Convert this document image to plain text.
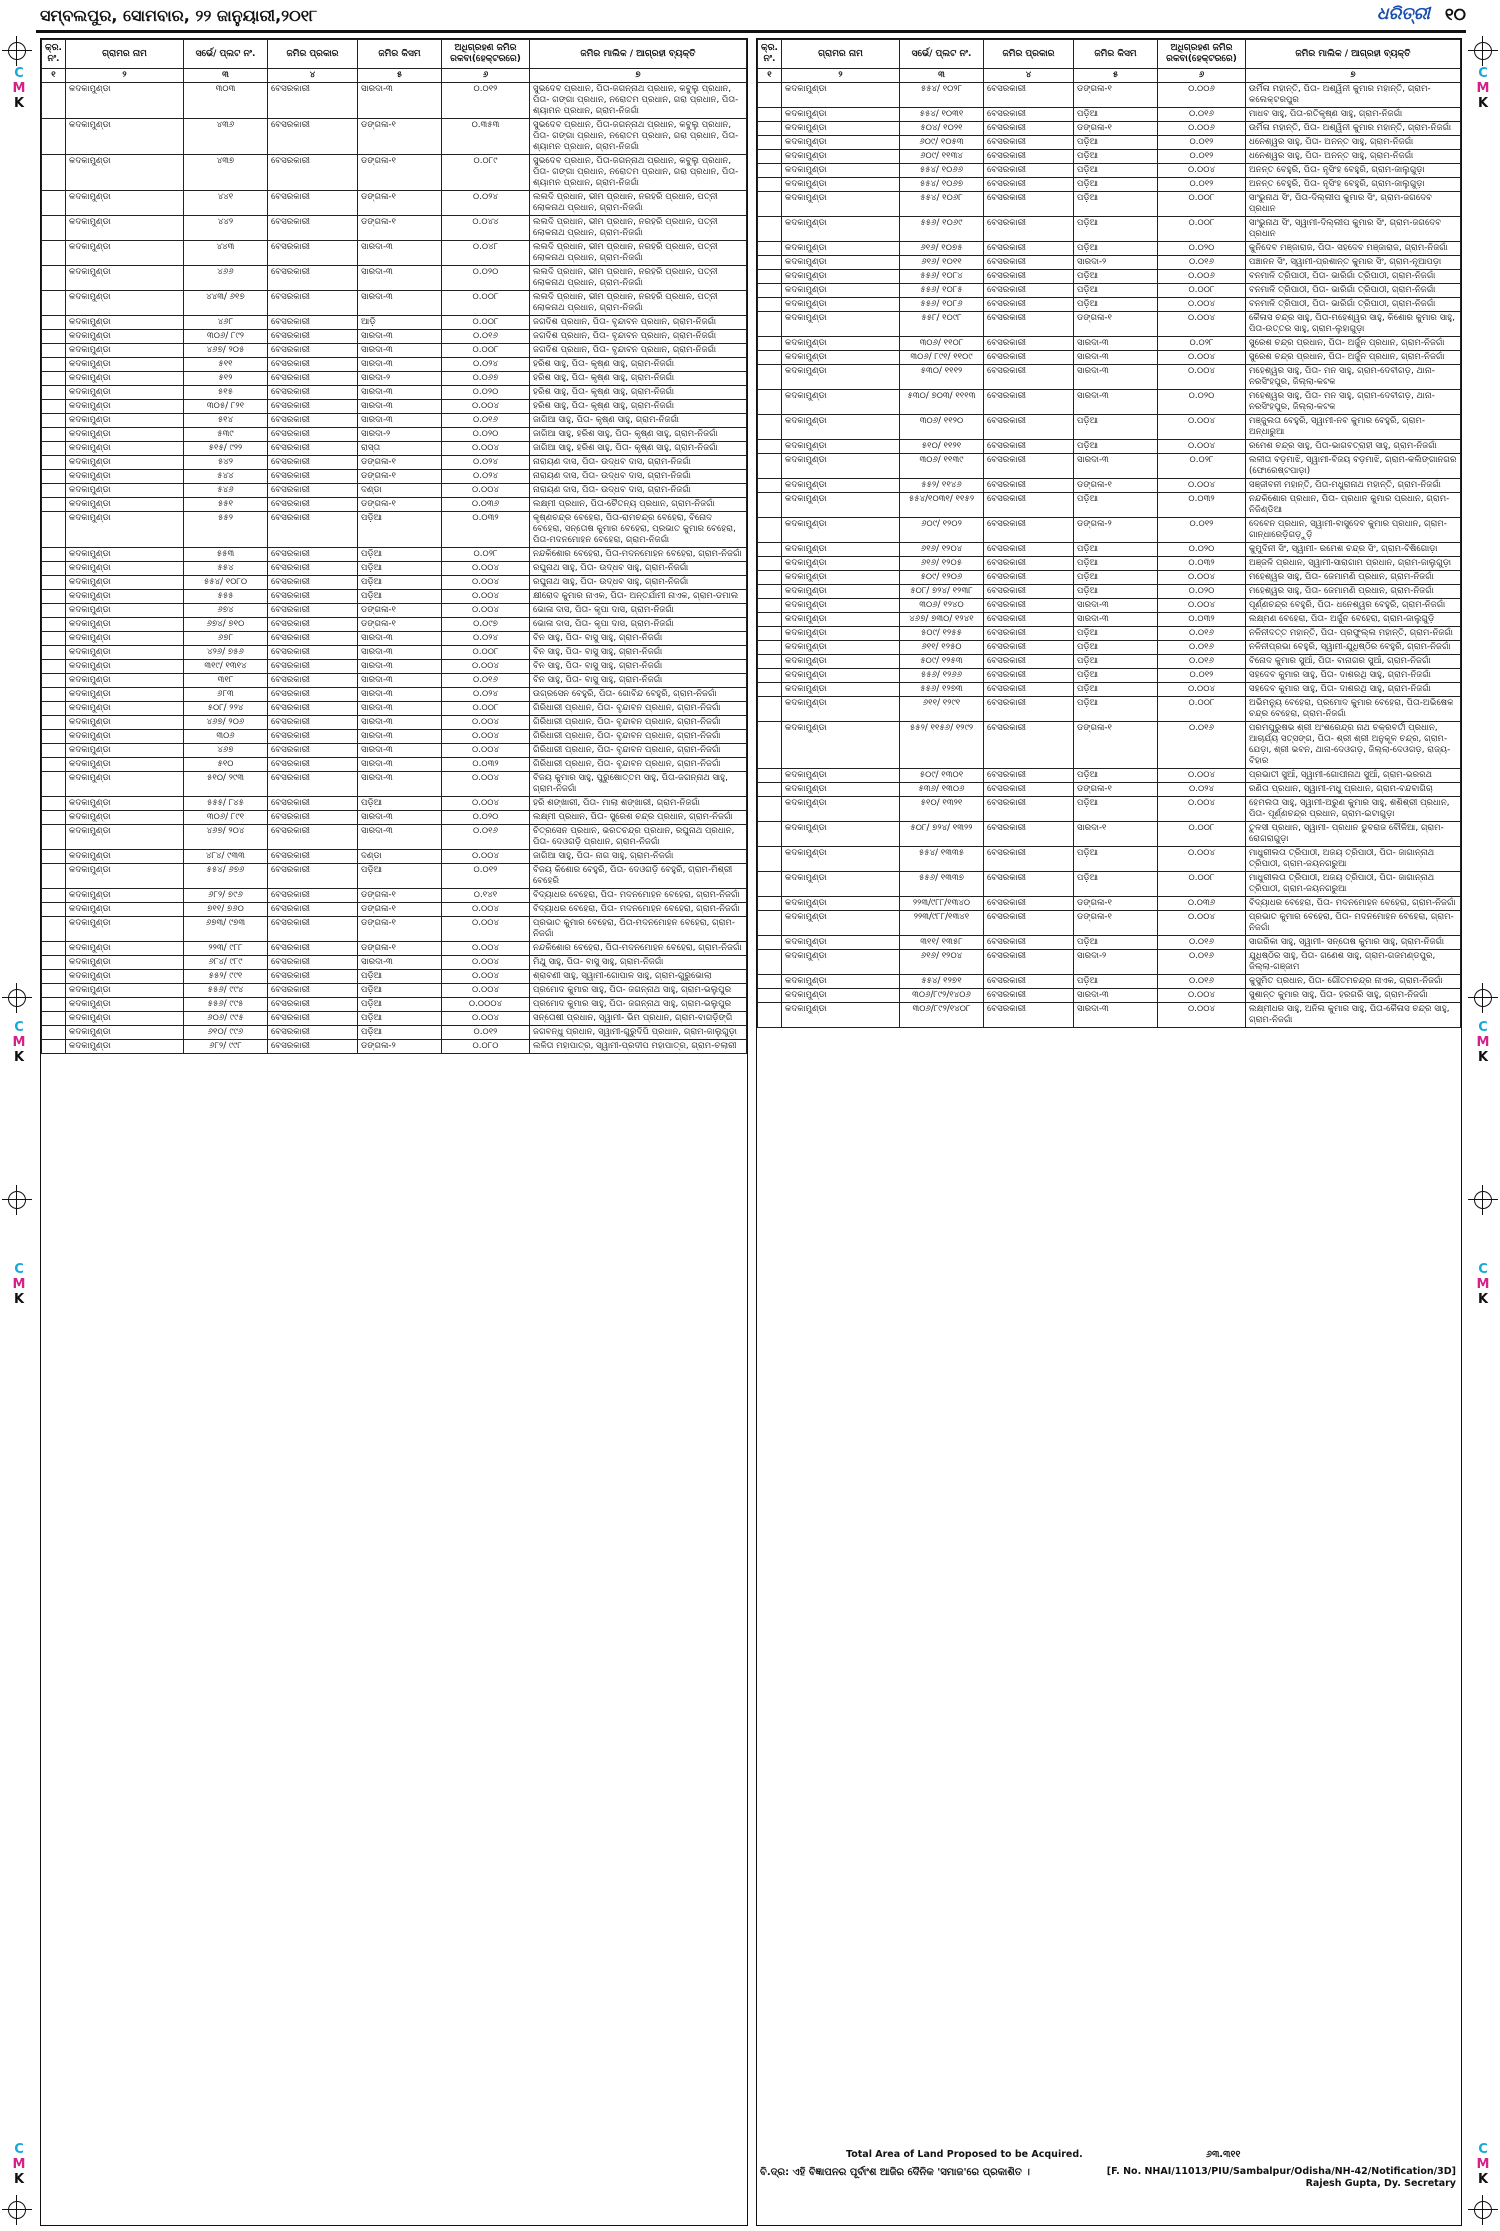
ସମ୍ବଲପୁର, ସୋମବାର, ୨୨ ଜାନୁୟାରୀ,୨୦୧୮	ଧରିତ୍ରୀ ୧୦
କ୍ର. ନଂ.	ଗ୍ରାମର ନାମ	ସର୍ଭେ/ ପ୍ଲଟ ନଂ.	ଜମିର ପ୍ରକାର	ଜମିର କିସମ	ଅଧିଗ୍ରହଣ ଜମିର ରକବା(ହେକ୍ଟରରେ)	ଜମିର ମାଲିକ / ଆଗ୍ରହୀ ବ୍ୟକ୍ତି
୧	୨	୩	୪	୫	୬	୭
	କଦକାମୁଣ୍ଡା	୩୦୩	ବେସରକାରୀ	ସାରଦା-୩	୦.୦୧୨	ସୁଭଦେବ ପ୍ରଧାନ, ପିତା-ଜଗନ୍ନାଥ ପ୍ରଧାନ, କବୁଲୁ ପ୍ରଧାନ, ପିତା- ଗଙ୍ଗା ପ୍ରଧାନ, ନରୋତମ ପ୍ରଧାନ, ଗରା ପ୍ରଧାନ, ପିତା-ଶ୍ୟାମନ ପ୍ରଧାନ, ଗ୍ରାମ-ନିଜଗାଁ
	କଦକାମୁଣ୍ଡା	୪୩୬	ବେସରକାରୀ	ଡଙ୍ଗଳା-୧	୦.୩୫୩	ସୁଭଦେବ ପ୍ରଧାନ, ପିତା-ଜଗନ୍ନାଥ ପ୍ରଧାନ, କବୁଲୁ ପ୍ରଧାନ, ପିତା- ଗଙ୍ଗା ପ୍ରଧାନ, ନରୋତମ ପ୍ରଧାନ, ଗରା ପ୍ରଧାନ, ପିତା-ଶ୍ୟାମନ ପ୍ରଧାନ, ଗ୍ରାମ-ନିଜଗାଁ
	କଦକାମୁଣ୍ଡା	୪୩୭	ବେସରକାରୀ	ଡଙ୍ଗଳା-୧	୦.୦୮୯	ସୁଭଦେବ ପ୍ରଧାନ, ପିତା-ଜଗନ୍ନାଥ ପ୍ରଧାନ, କବୁଲୁ ପ୍ରଧାନ, ପିତା- ଗଙ୍ଗା ପ୍ରଧାନ, ନରୋତମ ପ୍ରଧାନ, ଗରା ପ୍ରଧାନ, ପିତା-ଶ୍ୟାମନ ପ୍ରଧାନ, ଗ୍ରାମ-ନିଜଗାଁ
	କଦକାମୁଣ୍ଡା	୪୪୧	ବେସରକାରୀ	ଡଙ୍ଗଳା-୧	୦.୦୨୪	ଲଲଦି ପ୍ରଧାନ, ଭୀମ ପ୍ରଧାନ, ନରହରି ପ୍ରଧାନ, ପତ୍ନୀ ଲୋକନାଥ ପ୍ରଧାନ, ଗ୍ରାମ-ନିଜଗାଁ
	କଦକାମୁଣ୍ଡା	୪୪୨	ବେସରକାରୀ	ଡଙ୍ଗଳା-୧	୦.୦୪୪	ଲଲଦି ପ୍ରଧାନ, ଭୀମ ପ୍ରଧାନ, ନରହରି ପ୍ରଧାନ, ପତ୍ନୀ ଲୋକନାଥ ପ୍ରଧାନ, ଗ୍ରାମ-ନିଜଗାଁ
	କଦକାମୁଣ୍ଡା	୪୪୩	ବେସରକାରୀ	ସାରଦା-୩	୦.୦୪୮	ଲଲଦି ପ୍ରଧାନ, ଭୀମ ପ୍ରଧାନ, ନରହରି ପ୍ରଧାନ, ପତ୍ନୀ ଲୋକନାଥ ପ୍ରଧାନ, ଗ୍ରାମ-ନିଜଗାଁ
	କଦକାମୁଣ୍ଡା	୪୬୬	ବେସରକାରୀ	ସାରଦା-୩	୦.୦୨୦	ଲଲଦି ପ୍ରଧାନ, ଭୀମ ପ୍ରଧାନ, ନରହରି ପ୍ରଧାନ, ପତ୍ନୀ ଲୋକନାଥ ପ୍ରଧାନ, ଗ୍ରାମ-ନିଜଗାଁ
	କଦକାମୁଣ୍ଡା	୪୪୩/ ୬୧୭	ବେସରକାରୀ	ସାରଦା-୩	୦.୦୦୮	ଲଲଦି ପ୍ରଧାନ, ଭୀମ ପ୍ରଧାନ, ନରହରି ପ୍ରଧାନ, ପତ୍ନୀ ଲୋକନାଥ ପ୍ରଧାନ, ଗ୍ରାମ-ନିଜଗାଁ
	କଦକାମୁଣ୍ଡା	୪୬୮	ବେସରକାରୀ	ଆଡ଼ି	୦.୦୦୮	ଜଗଦିଶ ପ୍ରଧାନ, ପିତା- ବୃନ୍ଦାବନ ପ୍ରଧାନ, ଗ୍ରାମ-ନିଜଗାଁ
	କଦକାମୁଣ୍ଡା	୩୦୬/ ୮୯୨	ବେସରକାରୀ	ସାରଦା-୩	୦.୦୧୬	ଜଗଦିଶ ପ୍ରଧାନ, ପିତା- ବୃନ୍ଦାବନ ପ୍ରଧାନ, ଗ୍ରାମ-ନିଜଗାଁ
	କଦକାମୁଣ୍ଡା	୪୬୭/ ୨୦୫	ବେସରକାରୀ	ସାରଦା-୩	୦.୦୦୮	ଜଗଦିଶ ପ୍ରଧାନ, ପିତା- ବୃନ୍ଦାବନ ପ୍ରଧାନ, ଗ୍ରାମ-ନିଜଗାଁ
	କଦକାମୁଣ୍ଡା	୫୧୧	ବେସରକାରୀ	ସାରଦା-୩	୦.୦୨୪	ହରିଶ ସାହୁ, ପିତା- କୃଷ୍ଣ ସାହୁ, ଗ୍ରାମ-ନିଜଗାଁ
	କଦକାମୁଣ୍ଡା	୫୧୨	ବେସରକାରୀ	ସାରଦା-୨	୦.୦୬୭	ହରିଶ ସାହୁ, ପିତା- କୃଷ୍ଣ ସାହୁ, ଗ୍ରାମ-ନିଜଗାଁ
	କଦକାମୁଣ୍ଡା	୫୧୫	ବେସରକାରୀ	ସାରଦା-୩	୦.୦୨୦	ହରିଶ ସାହୁ, ପିତା- କୃଷ୍ଣ ସାହୁ, ଗ୍ରାମ-ନିଜଗାଁ
	କଦକାମୁଣ୍ଡା	୩୦୫/ ୮୨୧	ବେସରକାରୀ	ସାରଦା-୩	୦.୦୦୪	ହରିଶ ସାହୁ, ପିତା- କୃଷ୍ଣ ସାହୁ, ଗ୍ରାମ-ନିଜଗାଁ
	କଦକାମୁଣ୍ଡା	୫୧୪	ବେସରକାରୀ	ସାରଦା-୩	୦.୦୧୬	ଜାଗିଆ ସାହୁ, ପିତା- କୃଷ୍ଣ ସାହୁ, ଗ୍ରାମ-ନିଜଗାଁ
	କଦକାମୁଣ୍ଡା	୫୩୯	ବେସରକାରୀ	ସାରଦା-୨	୦.୦୨୦	ଜାଗିଆ ସାହୁ, ହରିଶ ସାହୁ, ପିତା- କୃଷ୍ଣ ସାହୁ, ଗ୍ରାମ-ନିଜଗାଁ
	କଦକାମୁଣ୍ଡା	୫୧୫/ ୯୨୨	ବେସରକାରୀ	ରାସ୍ତା	୦.୦୦୪	ଜାଗିଆ ସାହୁ, ହରିଶ ସାହୁ, ପିତା- କୃଷ୍ଣ ସାହୁ, ଗ୍ରାମ-ନିଜଗାଁ
	କଦକାମୁଣ୍ଡା	୫୪୨	ବେସରକାରୀ	ଡଙ୍ଗଳା-୧	୦.୦୨୪	ନାରାୟଣ ଦାସ, ପିତା- ଉଦ୍ଧବ ଦାସ, ଗ୍ରାମ-ନିଜଗାଁ
	କଦକାମୁଣ୍ଡା	୫୪୪	ବେସରକାରୀ	ଡଙ୍ଗଳା-୧	୦.୦୨୪	ନାରାୟଣ ଦାସ, ପିତା- ଉଦ୍ଧବ ଦାସ, ଗ୍ରାମ-ନିଜଗାଁ
	କଦକାମୁଣ୍ଡା	୫୪୬	ବେସରକାରୀ	ଦଣ୍ଡା	୦.୦୦୪	ନାରାୟଣ ଦାସ, ପିତା- ଉଦ୍ଧବ ଦାସ, ଗ୍ରାମ-ନିଜଗାଁ
	କଦକାମୁଣ୍ଡା	୫୫୧	ବେସରକାରୀ	ଡଙ୍ଗଳା-୧	୦.୦୩୬	ଲକ୍ଷ୍ମୀ ପ୍ରଧାନ, ପିତା-ଚୈତନ୍ୟ ପ୍ରଧାନ, ଗ୍ରାମ-ନିଜଗାଁ
	କଦକାମୁଣ୍ଡା	୫୫୨	ବେସରକାରୀ	ପଡ଼ିଆ	୦.୦୩୨	କୃଷ୍ଣଚନ୍ଦ୍ର ବେହେରା, ପିତା-ରାମଚନ୍ଦ୍ର ବେହେରା, ବିନୋଦ ବେହେରା, ସନ୍ତୋଷ କୁମାର ବେହେରା, ପ୍ରଭାତ କୁମାର ବେହେରା, ପିତା-ମଦନମୋହନ ବେହେରା, ଗ୍ରାମ-ନିଜଗାଁ
	କଦକାମୁଣ୍ଡା	୫୫୩	ବେସରକାରୀ	ପଡ଼ିଆ	୦.୦୨୮	ନନ୍ଦକିଶୋର ବେହେରା, ପିତା-ମଦନମୋହନ ବେହେରା, ଗ୍ରାମ-ନିଜଗାଁ
	କଦକାମୁଣ୍ଡା	୫୫୪	ବେସରକାରୀ	ପଡ଼ିଆ	୦.୦୦୪	ରଘୁନାଥ ସାହୁ, ପିତା- ଉଦ୍ଧବ ସାହୁ, ଗ୍ରାମ-ନିଜଗାଁ
	କଦକାମୁଣ୍ଡା	୫୫୪/ ୧୦୮୦	ବେସରକାରୀ	ପଡ଼ିଆ	୦.୦୦୪	ରଘୁନାଥ ସାହୁ, ପିତା- ଉଦ୍ଧବ ସାହୁ, ଗ୍ରାମ-ନିଜଗାଁ
	କଦକାମୁଣ୍ଡା	୫୫୫	ବେସରକାରୀ	ପଡ଼ିଆ	୦.୦୦୪	କ୍ଷୀରୋଦ କୁମାର ନାଏକ, ପିତା- ଅନ୍ତର୍ଯାମୀ ନାଏକ, ଗ୍ରାମ-ଡମାଲ
	କଦକାମୁଣ୍ଡା	୬୭୪	ବେସରକାରୀ	ଡଙ୍ଗଳା-୧	୦.୦୦୪	ଭୋଳା ଦାସ, ପିତା- କୃପା ଦାସ, ଗ୍ରାମ-ନିଜଗାଁ
	କଦକାମୁଣ୍ଡା	୬୭୪/ ୭୧୦	ବେସରକାରୀ	ଡଙ୍ଗଳା-୧	୦.୦୯୭	ଭୋଳା ଦାସ, ପିତା- କୃପା ଦାସ, ଗ୍ରାମ-ନିଜଗାଁ
	କଦକାମୁଣ୍ଡା	୬୭୮	ବେସରକାରୀ	ସାରଦା-୩	୦.୦୨୪	ବିନ ସାହୁ, ପିତା- ବାସୁ ସାହୁ, ଗ୍ରାମ-ନିଜଗାଁ
	କଦକାମୁଣ୍ଡା	୪୨୬/ ୭୫୬	ବେସରକାରୀ	ସାରଦା-୩	୦.୦୦୮	ବିନ ସାହୁ, ପିତା- ବାସୁ ସାହୁ, ଗ୍ରାମ-ନିଜଗାଁ
	କଦକାମୁଣ୍ଡା	୩୧୯/ ୧୩୧୪	ବେସରକାରୀ	ସାରଦା-୩	୦.୦୦୪	ବିନ ସାହୁ, ପିତା- ବାସୁ ସାହୁ, ଗ୍ରାମ-ନିଜଗାଁ
	କଦକାମୁଣ୍ଡା	୩୧୮	ବେସରକାରୀ	ସାରଦା-୩	୦.୦୧୬	ବିନ ସାହୁ, ପିତା- ବାସୁ ସାହୁ, ଗ୍ରାମ-ନିଜଗାଁ
	କଦକାମୁଣ୍ଡା	୬୮୩	ବେସରକାରୀ	ସାରଦା-୩	୦.୦୨୪	ଉଗ୍ରସେନ ବେହୁରି, ପିତା- ଗୋବିନ୍ଦ ବେହୁରି, ଗ୍ରାମ-ନିଜଗାଁ
	କଦକାମୁଣ୍ଡା	୫୦୮/ ୨୨୪	ବେସରକାରୀ	ସାରଦା-୩	୦.୦୦୮	ଗିରିଧାରୀ ପ୍ରଧାନ, ପିତା- ବୃନ୍ଦାବନ ପ୍ରଧାନ, ଗ୍ରାମ-ନିଜଗାଁ
	କଦକାମୁଣ୍ଡା	୪୬୭/ ୨୦୬	ବେସରକାରୀ	ସାରଦା-୩	୦.୦୦୪	ଗିରିଧାରୀ ପ୍ରଧାନ, ପିତା- ବୃନ୍ଦାବନ ପ୍ରଧାନ, ଗ୍ରାମ-ନିଜଗାଁ
	କଦକାମୁଣ୍ଡା	୩୦୬	ବେସରକାରୀ	ସାରଦା-୩	୦.୦୦୪	ଗିରିଧାରୀ ପ୍ରଧାନ, ପିତା- ବୃନ୍ଦାବନ ପ୍ରଧାନ, ଗ୍ରାମ-ନିଜଗାଁ
	କଦକାମୁଣ୍ଡା	୪୬୭	ବେସରକାରୀ	ସାରଦା-୩	୦.୦୦୪	ଗିରିଧାରୀ ପ୍ରଧାନ, ପିତା- ବୃନ୍ଦାବନ ପ୍ରଧାନ, ଗ୍ରାମ-ନିଜଗାଁ
	କଦକାମୁଣ୍ଡା	୫୧୦	ବେସରକାରୀ	ସାରଦା-୩	୦.୦୩୨	ଗିରିଧାରୀ ପ୍ରଧାନ, ପିତା- ବୃନ୍ଦାବନ ପ୍ରଧାନ, ଗ୍ରାମ-ନିଜଗାଁ
	କଦକାମୁଣ୍ଡା	୫୧୦/ ୨୯୩	ବେସରକାରୀ	ସାରଦା-୩	୦.୦୦୪	ବିଜୟ କୁମାର ସାହୁ, ପୁରୁଷୋତ୍ତମ ସାହୁ, ପିତା-ଜଗନ୍ନାଥ ସାହୁ, ଗ୍ରାମ-ନିଜଗାଁ
	କଦକାମୁଣ୍ଡା	୫୫୫/ ୮୪୫	ବେସରକାରୀ	ପଡ଼ିଆ	୦.୦୦୪	ହରି ଶଙ୍ଖାରୀ, ପିତା- ମାଲା ଶଙ୍ଖାରୀ, ଗ୍ରାମ-ନିଜଗାଁ
	କଦକାମୁଣ୍ଡା	୩୦୬/ ୮୯୧	ବେସରକାରୀ	ସାରଦା-୩	୦.୦୨୦	ଲକ୍ଷ୍ମୀ ପ୍ରଧାନ, ପିତା- ସୁରେଶ ଚନ୍ଦ୍ର ପ୍ରଧାନ, ଗ୍ରାମ-ନିଜଗାଁ
	କଦକାମୁଣ୍ଡା	୪୬୭/ ୨୦୪	ବେସରକାରୀ	ସାରଦା-୩	୦.୦୧୬	ଚିତ୍ରସେନ ପ୍ରଧାନ, ଭରତଚନ୍ଦ୍ର ପ୍ରଧାନ, ରଘୁନାଥ ପ୍ରଧାନ, ପିତା- ଦେଓଗଡ଼ି ପ୍ରଧାନ, ଗ୍ରାମ-ନିଜଗାଁ
	କଦକାମୁଣ୍ଡା	୪୮୪/ ୯୩୩	ବେସରକାରୀ	ଦଣ୍ଡା	୦.୦୦୪	ଜାଗିଆ ସାହୁ, ପିତା- ନାଗ ସାହୁ, ଗ୍ରାମ-ନିଜଗାଁ
	କଦକାମୁଣ୍ଡା	୫୫୪/ ୬୭୬	ବେସରକାରୀ	ପଡ଼ିଆ	୦.୦୧୨	ବିଜୟ କିଶୋର ବେହୁରି, ପିତା- ଦେଓଗଡ଼ି ବେହୁରି, ଗ୍ରାମ-ମିଶ୍ରୀ ବେହେରି
	କଦକାମୁଣ୍ଡା	୬୮୨/ ୭୯୬	ବେସରକାରୀ	ଡଙ୍ଗଳା-୧	୦.୧୪୧	ବିଦ୍ୟାଧର ବେହେରା, ପିତା- ମଦନମୋହନ ବେହେରା, ଗ୍ରାମ-ନିଜଗାଁ
	କଦକାମୁଣ୍ଡା	୭୧୧/ ୭୬୦	ବେସରକାରୀ	ଡଙ୍ଗଳା-୧	୦.୦୦୪	ବିଦ୍ୟାଧର ବେହେରା, ପିତା- ମଦନମୋହନ ବେହେରା, ଗ୍ରାମ-ନିଜଗାଁ
	କଦକାମୁଣ୍ଡା	୬୭୩/ ୯୭୩	ବେସରକାରୀ	ଡଙ୍ଗଳା-୧	୦.୦୦୪	ପ୍ରଭାତ କୁମାର ବେହେରା, ପିତା-ମଦନମୋହନ ବେହେରା, ଗ୍ରାମ-ନିଜଗାଁ
	କଦକାମୁଣ୍ଡା	୨୨୩/ ୯୮୮	ବେସରକାରୀ	ଡଙ୍ଗଳା-୧	୦.୦୦୪	ନନ୍ଦକିଶୋର ବେହେରା, ପିତା-ମଦନମୋହନ ବେହେରା, ଗ୍ରାମ-ନିଜଗାଁ
	କଦକାମୁଣ୍ଡା	୬୮୪/ ୯୮୯	ବେସରକାରୀ	ସାରଦା-୩	୦.୦୦୪	ମିଥୁ ସାହୁ, ପିତା- ବାସୁ ସାହୁ, ଗ୍ରାମ-ନିଜଗାଁ
	କଦକାମୁଣ୍ଡା	୫୫୨/ ୯୯୧	ବେସରକାରୀ	ପଡ଼ିଆ	୦.୦୦୪	ଶ୍ରାବଣୀ ସାହୁ, ସ୍ୱାମୀ-ଗୋପାଳ ସାହୁ, ଗ୍ରାମ-ଗୁରୁଭୋଲା
	କଦକାମୁଣ୍ଡା	୫୫୬/ ୯୯୪	ବେସରକାରୀ	ପଡ଼ିଆ	୦.୦୦୪	ପ୍ରମୋଦ କୁମାର ସାହୁ, ପିତା- ଜଗନ୍ନାଥ ସାହୁ, ଗ୍ରାମ-ଭଲୁପୁର
	କଦକାମୁଣ୍ଡା	୫୫୬/ ୯୯୫	ବେସରକାରୀ	ପଡ଼ିଆ	୦.୦୦୦୪	ପ୍ରମୋଦ କୁମାର ସାହୁ, ପିତା- ଜଗନ୍ନାଥ ସାହୁ, ଗ୍ରାମ-ଭଲୁପୁର
	କଦକାମୁଣ୍ଡା	୬୦୬/ ୯୯୫	ବେସରକାରୀ	ପଡ଼ିଆ	୦.୦୦୪	ସନ୍ତୋଷୀ ପ୍ରଧାନ, ସ୍ୱାମୀ- ଭିମ ପ୍ରଧାନ, ଗ୍ରାମ-ବାଗଡ଼ିଙ୍ଗି
	କଦକାମୁଣ୍ଡା	୬୧୦/ ୯୯୬	ବେସରକାରୀ	ପଡ଼ିଆ	୦.୦୧୨	ଜଗବନ୍ଧୁ ପ୍ରଧାନ, ସ୍ୱାମୀ-ଗୁରୁଦିପି ପ୍ରଧାନ, ଗ୍ରାମ-ଜାଲୁଗୁଡ଼ା
	କଦକାମୁଣ୍ଡା	୬୮୨/ ୯୯୮	ବେସରକାରୀ	ଡଙ୍ଗଳା-୨	୦.୦୮୦	ଲଳିତା ମହାପାତ୍ର, ସ୍ୱାମୀ-ପ୍ରଦୀପ ମହାପାତ୍ର, ଗ୍ରାମ-ଚଲାରୀ
କ୍ର. ନଂ.	ଗ୍ରାମର ନାମ	ସର୍ଭେ/ ପ୍ଲଟ ନଂ.	ଜମିର ପ୍ରକାର	ଜମିର କିସମ	ଅଧିଗ୍ରହଣ ଜମିର ରକବା(ହେକ୍ଟରରେ)	ଜମିର ମାଲିକ / ଆଗ୍ରହୀ ବ୍ୟକ୍ତି
୧	୨	୩	୪	୫	୬	୭
	କଦକାମୁଣ୍ଡା	୫୫୪/ ୧୦୨୮	ବେସରକାରୀ	ଡଙ୍ଗଳା-୧	୦.୦୦୬	ଉର୍ମିଳା ମହାନ୍ତି, ପିତା- ଅଶ୍ୱିନୀ କୁମାର ମହାନ୍ତି, ଗ୍ରାମ-କଲେକ୍ଟରପୁର
	କଦକାମୁଣ୍ଡା	୫୫୪/ ୧୦୩୧	ବେସରକାରୀ	ପଡ଼ିଆ	୦.୦୧୬	ମାଧବ ସାହୁ, ପିତା-ରତିକୃଷ୍ଣ ସାହୁ, ଗ୍ରାମ-ନିଜଗାଁ
	କଦକାମୁଣ୍ଡା	୫୦୪/ ୧୦୨୧	ବେସରକାରୀ	ଡଙ୍ଗଳା-୧	୦.୦୦୬	ଉର୍ମିଳା ମହାନ୍ତି, ପିତା- ଅଶ୍ୱିନୀ କୁମାର ମହାନ୍ତି, ଗ୍ରାମ-ନିଜଗାଁ
	କଦକାମୁଣ୍ଡା	୬୦୯/ ୧୦୫୩	ବେସରକାରୀ	ପଡ଼ିଆ	୦.୦୧୨	ଧନେଶ୍ୱର ସାହୁ, ପିତା- ଅନନ୍ତ ସାହୁ, ଗ୍ରାମ-ନିଜଗାଁ
	କଦକାମୁଣ୍ଡା	୬୦୯/ ୧୧୩୪	ବେସରକାରୀ	ପଡ଼ିଆ	୦.୦୧୨	ଧନେଶ୍ୱର ସାହୁ, ପିତା- ଅନନ୍ତ ସାହୁ, ଗ୍ରାମ-ନିଜଗାଁ
	କଦକାମୁଣ୍ଡା	୫୫୪/ ୧୦୬୬	ବେସରକାରୀ	ପଡ଼ିଆ	୦.୦୦୪	ଅନନ୍ତ ବେହୁରି, ପିତା- ନୃସିଂହ ବେହୁରି, ଗ୍ରାମ-ଜାଲୁଗୁଡ଼ା
	କଦକାମୁଣ୍ଡା	୫୫୪/ ୧୦୬୭	ବେସରକାରୀ	ପଡ଼ିଆ	୦.୦୧୨	ଅନନ୍ତ ବେହୁରି, ପିତା- ନୃସିଂହ ବେହୁରି, ଗ୍ରାମ-ଜାଲୁଗୁଡ଼ା
	କଦକାମୁଣ୍ଡା	୫୫୪/ ୧୦୬୮	ବେସରକାରୀ	ପଡ଼ିଆ	୦.୦୦୮	ସାଂଭୁନାଥ ସିଂ, ପିତା-ଦିଲ୍ଲୀପ କୁମାର ସିଂ, ଗ୍ରାମ-ଜଗଦେବ ପ୍ରଧାନ
	କଦକାମୁଣ୍ଡା	୫୫୬/ ୧୦୬୯	ବେସରକାରୀ	ପଡ଼ିଆ	୦.୦୦୮	ସାଂଭୁନାଥ ସିଂ, ସ୍ୱାମୀ-ଦିଲ୍ଲୀପ କୁମାର ସିଂ, ଗ୍ରାମ-ଜଗଦେବ ପ୍ରଧାନ
	କଦକାମୁଣ୍ଡା	୬୧୬/ ୧୦୭୫	ବେସରକାରୀ	ପଡ଼ିଆ	୦.୦୨୦	କୁନିଦେବ ମଞ୍ଜାରାଜ, ପିତା- ସହଦେବ ମଞ୍ଜାରାଜ, ଗ୍ରାମ-ନିଜଗାଁ
	କଦକାମୁଣ୍ଡା	୬୧୬/ ୧୦୧୧	ବେସରକାରୀ	ସାରଦା-୨	୦.୦୧୬	ପଞ୍ଚାନନ ସିଂ, ସ୍ୱାମୀ-ପ୍ରଶାନ୍ତ କୁମାର ସିଂ, ଗ୍ରାମ-ନୂଆପଡ଼ା
	କଦକାମୁଣ୍ଡା	୫୫୬/ ୧୦୮୪	ବେସରକାରୀ	ପଡ଼ିଆ	୦.୦୦୬	ବନମାଳି ତ୍ରିପାଠୀ, ପିତା- ଭାରିଗାଁ ତ୍ରିପାଠୀ, ଗ୍ରାମ-ନିଜଗାଁ
	କଦକାମୁଣ୍ଡା	୫୫୬/ ୧୦୮୫	ବେସରକାରୀ	ପଡ଼ିଆ	୦.୦୦୮	ବନମାଳି ତ୍ରିପାଠୀ, ପିତା- ଭାରିଗାଁ ତ୍ରିପାଠୀ, ଗ୍ରାମ-ନିଜଗାଁ
	କଦକାମୁଣ୍ଡା	୫୫୬/ ୧୦୮୬	ବେସରକାରୀ	ପଡ଼ିଆ	୦.୦୦୪	ବନମାଳି ତ୍ରିପାଠୀ, ପିତା- ଭାରିଗାଁ ତ୍ରିପାଠୀ, ଗ୍ରାମ-ନିଜଗାଁ
	କଦକାମୁଣ୍ଡା	୫୫୮/ ୧୦୯୮	ବେସରକାରୀ	ଡଙ୍ଗଳା-୧	୦.୦୦୪	କୈଳାସ ଚନ୍ଦ୍ର ସାହୁ, ପିତା-ମହେଶ୍ୱର ସାହୁ, କିଶୋର କୁମାର ସାହୁ, ପିତା-ଉତ୍ତର ସାହୁ, ଗ୍ରାମ-ଲୁହାଗୁଡ଼ା
	କଦକାମୁଣ୍ଡା	୩୦୬/ ୧୧୦୮	ବେସରକାରୀ	ସାରଦା-୩	୦.୦୨୮	ସୁରେଶ ଚନ୍ଦ୍ର ପ୍ରଧାନ, ପିତା- ଅର୍ଜୁନ ପ୍ରଧାନ, ଗ୍ରାମ-ନିଜଗାଁ
	କଦକାମୁଣ୍ଡା	୩୦୬/ ୮୯୧/ ୧୧୦୯	ବେସରକାରୀ	ସାରଦା-୩	୦.୦୦୪	ସୁରେଶ ଚନ୍ଦ୍ର ପ୍ରଧାନ, ପିତା- ଅର୍ଜୁନ ପ୍ରଧାନ, ଗ୍ରାମ-ନିଜଗାଁ
	କଦକାମୁଣ୍ଡା	୫୩୦/ ୧୧୧୨	ବେସରକାରୀ	ସାରଦା-୩	୦.୦୦୪	ମହେଶ୍ୱର ସାହୁ, ପିତା- ମନ ସାହୁ, ଗ୍ରାମ-ଦେବୀଗଡ଼, ଥାନା- ନରସିଂହପୁର, ଜିଲ୍ଲା-କଟକ
	କଦକାମୁଣ୍ଡା	୫୩୦/ ୭୦୩/ ୧୧୧୩	ବେସରକାରୀ	ସାରଦା-୩	୦.୦୨୦	ମହେଶ୍ୱର ସାହୁ, ପିତା- ମନ ସାହୁ, ଗ୍ରାମ-ଦେବୀଗଡ଼, ଥାନା- ନରସିଂହପୁର, ଜିଲ୍ଲା-କଟକ
	କଦକାମୁଣ୍ଡା	୩୦୬/ ୧୧୨୦	ବେସରକାରୀ	ପଡ଼ିଆ	୦.୦୦୪	ମଞ୍ଜୁଲତା ବେହୁରି, ସ୍ୱାମୀ-ନବ କୁମାର ବେହୁରି, ଗ୍ରାମ-ଅନ୍ଧାରୁଆ
	କଦକାମୁଣ୍ଡା	୫୧୦/ ୧୧୨୧	ବେସରକାରୀ	ପଡ଼ିଆ	୦.୦୦୪	ରମେଶ ଚନ୍ଦ୍ର ସାହୁ, ପିତା-ଭାଗବତ୍ରାହୀ ସାହୁ, ଗ୍ରାମ-ନିଜଗାଁ
	କଦକାମୁଣ୍ଡା	୩୦୬/ ୧୧୩୯	ବେସରକାରୀ	ସାରଦା-୩	୦.୦୨୮	ଲଳୀତା ବଡ଼ମାଝି, ସ୍ୱାମୀ-ବିଜୟ ବଡ଼ମାଝି, ଗ୍ରାମ-କଲିଙ୍ଗାନଗର (ଫୋରେଷ୍ଟପାଡ଼ା)
	କଦକାମୁଣ୍ଡା	୫୫୨/ ୧୧୪୬	ବେସରକାରୀ	ଡଙ୍ଗଳା-୧	୦.୦୦୪	ସଞ୍ଜୀବନୀ ମହାନ୍ତି, ପିତା-ମଧୁରାନାଥ ମହାନ୍ତି, ଗ୍ରାମ-ନିଜଗାଁ
	କଦକାମୁଣ୍ଡା	୫୫୪/୧୦୩୧/ ୧୧୫୨	ବେସରକାରୀ	ପଡ଼ିଆ	୦.୦୩୨	ନନ୍ଦକିଶୋର ପ୍ରଧାନ, ପିତା- ପ୍ରଧାନ କୁମାର ପ୍ରଧାନ, ଗ୍ରାମ-ନିଜିଣ୍ଡିଆ
	କଦକାମୁଣ୍ଡା	୬୦୯/ ୧୨୦୨	ବେସରକାରୀ	ଡଙ୍ଗଳା-୨	୦.୦୧୨	ଦେବେନ ପ୍ରଧାନ, ସ୍ୱାମୀ-ବାସୁଦେବ କୁମାର ପ୍ରଧାନ, ଗ୍ରାମ-ଗାନ୍ଧାରେଡ଼ିଗଡ଼ୁଡ଼ି
	କଦକାମୁଣ୍ଡା	୬୧୬/ ୧୨୦୪	ବେସରକାରୀ	ପଡ଼ିଆ	୦.୦୨୦	କୁମୁଦିନୀ ସିଂ, ସ୍ୱାମୀ- ରମେଶ ଚନ୍ଦ୍ର ସିଂ, ଗ୍ରାମ-ବିଷିଗୋଡ଼ା
	କଦକାମୁଣ୍ଡା	୬୧୬/ ୧୨୦୫	ବେସରକାରୀ	ପଡ଼ିଆ	୦.୦୩୨	ଅଞ୍ଜଳି ପ୍ରଧାନ, ସ୍ୱାମୀ-ସାରାଗାମ ପ୍ରଧାନ, ଗ୍ରାମ-ଜାଲୁଗୁଡ଼ା
	କଦକାମୁଣ୍ଡା	୫୦୯/ ୧୨୦୬	ବେସରକାରୀ	ପଡ଼ିଆ	୦.୦୦୪	ମହେଶ୍ୱର ସାହୁ, ପିତା- ଜେମାମଣି ପ୍ରଧାନ, ଗ୍ରାମ-ନିଜଗାଁ
	କଦକାମୁଣ୍ଡା	୫୦୮/ ୭୨୪/ ୧୨୩୮	ବେସରକାରୀ	ପଡ଼ିଆ	୦.୦୨୦	ମହେଶ୍ୱର ସାହୁ, ପିତା- ଜେମାମଣି ପ୍ରଧାନ, ଗ୍ରାମ-ନିଜଗାଁ
	କଦକାମୁଣ୍ଡା	୩୦୬/ ୧୨୪୦	ବେସରକାରୀ	ସାରଦା-୩	୦.୦୦୪	ପୂର୍ଣ୍ଣଚନ୍ଦ୍ର ବେହୁରି, ପିତା- ଧନେଶ୍ୱର ବେହୁରି, ଗ୍ରାମ-ନିଜଗାଁ
	କଦକାମୁଣ୍ଡା	୪୬୭/ ୭୩୦/ ୧୨୪୧	ବେସରକାରୀ	ସାରଦା-୩	୦.୦୩୨	ଲକ୍ଷ୍ମଣ ବେହେରା, ପିତା- ଅର୍ଜୁନ ବେହେରା, ଗ୍ରାମ-ଜାଲୁଗୁଡ଼ି
	କଦକାମୁଣ୍ଡା	୫୦୯/ ୧୨୫୫	ବେସରକାରୀ	ପଡ଼ିଆ	୦.୦୧୬	ନଳିନୀଦତ୍ତ ମହାନ୍ତି, ପିତା- ପ୍ରଫୁଲ୍ଲ ମହାନ୍ତି, ଗ୍ରାମ-ନିଜଗାଁ
	କଦକାମୁଣ୍ଡା	୬୧୧/ ୧୨୫୦	ବେସରକାରୀ	ପଡ଼ିଆ	୦.୦୧୬	ନଳିନୀପ୍ରଭା ବେହୁରି, ସ୍ୱାମୀ-ଯୁଧିଷ୍ଠିର ବେହୁରି, ଗ୍ରାମ-ନିଜଗାଁ
	କଦକାମୁଣ୍ଡା	୫୦୯/ ୧୨୫୩	ବେସରକାରୀ	ପଡ଼ିଆ	୦.୦୧୬	ବିନୋଦ କୁମାର ସୁଆଁ, ପିତା- ବାନାଗର ସୁଆଁ, ଗ୍ରାମ-ନିଜଗାଁ
	କଦକାମୁଣ୍ଡା	୫୫୬/ ୧୨୬୬	ବେସରକାରୀ	ପଡ଼ିଆ	୦.୦୧୨	ସହଦେବ କୁମାର ସାହୁ, ପିତା- ଦାଶରଥି ସାହୁ, ଗ୍ରାମ-ନିଜଗାଁ
	କଦକାମୁଣ୍ଡା	୫୫୬/ ୧୨୭୩	ବେସରକାରୀ	ପଡ଼ିଆ	୦.୦୦୪	ସହଦେବ କୁମାର ସାହୁ, ପିତା- ଦାଶରଥି ସାହୁ, ଗ୍ରାମ-ନିଜଗାଁ
	କଦକାମୁଣ୍ଡା	୬୧୧/ ୧୨୯୧	ବେସରକାରୀ	ପଡ଼ିଆ	୦.୦୦୮	ଅଭିମନ୍ୟୁ ବେହେରା, ପ୍ରମୋଦ କୁମାର ବେହେରା, ପିତା-ଅଭିଷେକ ଚନ୍ଦ୍ର ବେହେରା, ଗ୍ରାମ-ନିଜଗାଁ
	କଦକାମୁଣ୍ଡା	୫୫୨/ ୧୧୫୬/ ୧୨୯୨	ବେସରକାରୀ	ଡଙ୍ଗଳା-୧	୦.୦୧୬	ପରମପୁରୁଷଭ ଶ୍ରୀ ଅଂଶରେନ୍ଦ୍ର ନାଥ ଚକ୍ରବର୍ତୀ ପ୍ରଧାନ, ଆଚାର୍ଯ୍ୟ ସତ୍ସଙ୍ଗ, ପିତା- ଶ୍ରୀ ଶ୍ରୀ ଅନୁକୂଳ ଚନ୍ଦ୍ର, ଗ୍ରାମ-ଯେଡ଼ା, ଶ୍ରୀ ଭବନ, ଥାନା-ଦେଓଗଡ଼, ଜିଲ୍ଲା-ଦେଓଗଡ଼, ରାଜ୍ୟ-ବିହାର
	କଦକାମୁଣ୍ଡା	୫୦୯/ ୧୩୦୧	ବେସରକାରୀ	ପଡ଼ିଆ	୦.୦୦୪	ପ୍ରଭାତୀ ସୁଆଁ, ସ୍ୱାମୀ-ଗୋପୀନାଥ ସୁଆଁ, ଗ୍ରାମ-ଭରରଥ
	କଦକାମୁଣ୍ଡା	୫୩୬/ ୧୩୦୬	ବେସରକାରୀ	ଡଙ୍ଗଳା-୧	୦.୦୨୪	ରଣିତା ପ୍ରଧାନ, ସ୍ୱାମୀ-ମଧୁ ପ୍ରଧାନ, ଗ୍ରାମ-ବନ୍ଦବାଗିଚା
	କଦକାମୁଣ୍ଡା	୫୧୦/ ୧୩୨୧	ବେସରକାରୀ	ପଡ଼ିଆ	୦.୦୦୪	ହେମଲତା ସାହୁ, ସ୍ୱାମୀ-ଅରୁଣ କୁମାର ସାହୁ, ଶଶିଶ୍ରୀ ପ୍ରଧାନ, ପିତା- ପୂର୍ଣ୍ଣଚନ୍ଦ୍ର ପ୍ରଧାନ, ଗ୍ରାମ-ଇଟାଗୁଡ଼ା
	କଦକାମୁଣ୍ଡା	୫୦୮/ ୭୨୪/ ୧୩୨୨	ବେସରକାରୀ	ସାରଦା-୧	୦.୦୦୮	ତୁଳସୀ ପ୍ରଧାନ, ସ୍ୱାମୀ- ପ୍ରଧାନ ଡୁବରାଜ ବୌଳିଆ, ଗ୍ରାମ-ରୋଗରାଗୁଡ଼ା
	କଦକାମୁଣ୍ଡା	୫୫୪/ ୧୩୩୫	ବେସରକାରୀ	ପଡ଼ିଆ	୦.୦୦୪	ମାଧୁରୀଲତା ତ୍ରିପାଠୀ, ଅଜୟ ତ୍ରିପାଠୀ, ପିତା- ଜାଗାନ୍ନାଥ ତ୍ରିପାଠୀ, ଗ୍ରାମ-ଜୟନଗରୁଆ
	କଦକାମୁଣ୍ଡା	୫୫୬/ ୧୩୩୭	ବେସରକାରୀ	ପଡ଼ିଆ	୦.୦୦୮	ମାଧୁରୀଲତା ତ୍ରିପାଠୀ, ଅଜୟ ତ୍ରିପାଠୀ, ପିତା- ଜାଗାନ୍ନାଥ ତ୍ରିପାଠୀ, ଗ୍ରାମ-ଜୟନଗରୁଆ
	କଦକାମୁଣ୍ଡା	୨୨୩/୯୮୮/୧୩୪୦	ବେସରକାରୀ	ଡଙ୍ଗଳା-୧	୦.୦୩୬	ବିଦ୍ୟାଧର ବେହେରା, ପିତା- ମଦନମୋହନ ବେହେରା, ଗ୍ରାମ-ନିଜଗାଁ
	କଦକାମୁଣ୍ଡା	୨୨୩/୯୮୮/୧୩୪୧	ବେସରକାରୀ	ଡଙ୍ଗଳା-୧	୦.୦୦୪	ପ୍ରଭାତ କୁମାର ବେହେରା, ପିତା- ମଦନମୋହନ ବେହେରା, ଗ୍ରାମ-ନିଜଗାଁ
	କଦକାମୁଣ୍ଡା	୩୧୧/ ୧୩୫୮	ବେସରକାରୀ	ପଡ଼ିଆ	୦.୦୧୬	ସାଗରିକା ସାହୁ, ସ୍ୱାମୀ- ସନ୍ତୋଷ କୁମାର ସାହୁ, ଗ୍ରାମ-ନିଜଗାଁ
	କଦକାମୁଣ୍ଡା	୬୧୬/ ୧୨୦୪	ବେସରକାରୀ	ସାରଦା-୨	୦.୦୧୬	ଯୁଧିଷ୍ଠିର ସାହୁ, ପିତା- ଗଣେଶ ସାହୁ, ଗ୍ରାମ-ଗଜମଣ୍ଡପୁର, ଜିଲ୍ଲା-ଗଞ୍ଜାମ
	କଦକାମୁଣ୍ଡା	୫୫୪/ ୧୨୭୧	ବେସରକାରୀ	ପଡ଼ିଆ	୦.୦୧୬	କୁସୁମିତ ପ୍ରଧାନ, ପିତା- ଗୌତମଚନ୍ଦ୍ର ନାଏକ, ଗ୍ରାମ-ନିଜଗାଁ
	କଦକାମୁଣ୍ଡା	୩୦୬/୮୯୨/୧୪୦୬	ବେସରକାରୀ	ସାରଦା-୩	୦.୦୦୪	ସୁଶାନ୍ତ କୁମାର ସାହୁ, ପିତା- ହରଗରି ସାହୁ, ଗ୍ରାମ-ନିଜଗାଁ
	କଦକାମୁଣ୍ଡା	୩୦୬/୮୯୨/୧୪୦୮	ବେସରକାରୀ	ସାରଦା-୩	୦.୦୦୪	ଲକ୍ଷ୍ମୀଧର ସାହୁ, ଅନିଲ କୁମାର ସାହୁ, ପିତା-କୈଳାସ ଚନ୍ଦ୍ର ସାହୁ, ଗ୍ରାମ-ନିଜଗାଁ
Total Area of Land Proposed to be Acquired.	୬୩.୩୧୧
ବି.ଦ୍ର: ଏହି ବିଜ୍ଞାପନର ପୂର୍ବାଂଶ ଆଜିର ଦୈନିକ 'ସମାଜ'ରେ ପ୍ରକାଶିତ ।	[F. No. NHAI/11013/PIU/Sambalpur/Odisha/NH-42/Notification/3D]
Rajesh Gupta, Dy. Secretary
C
M
K
C
M
K
C
M
K
C
M
K
C
M
K
C
M
K
C
M
K
C
M
K
